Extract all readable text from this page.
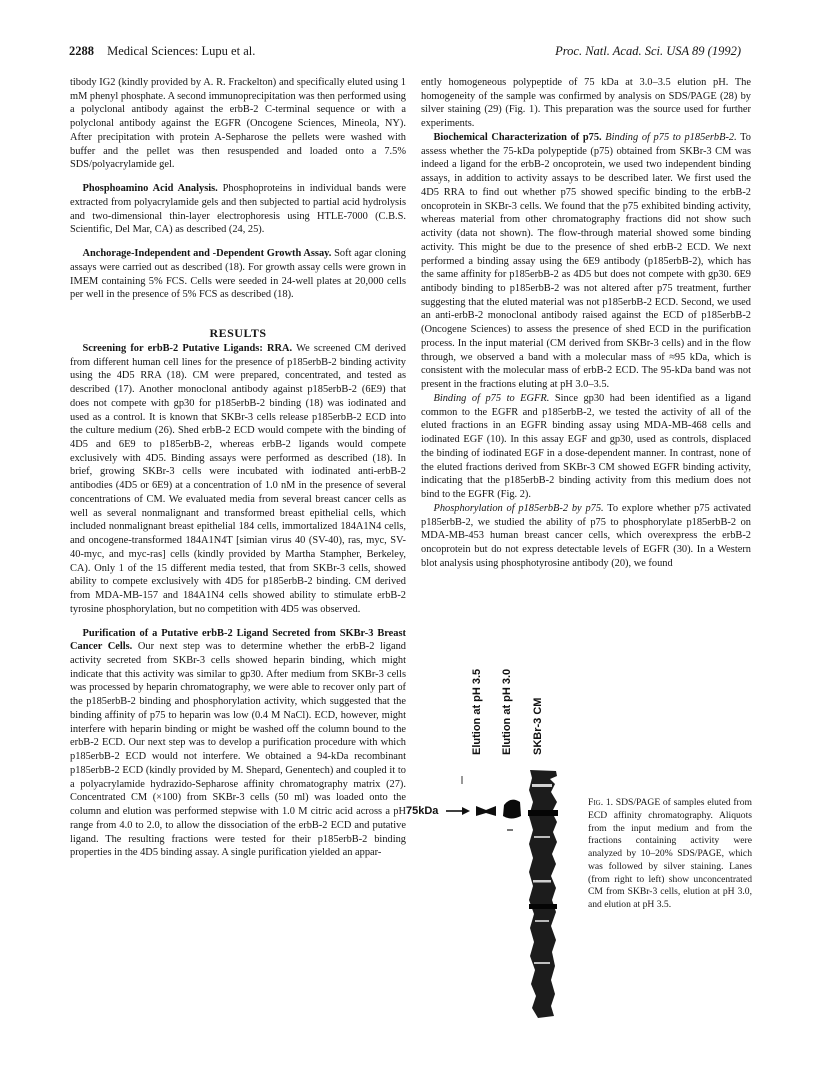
2288 Medical Sciences: Lupu et al.	Proc. Natl. Acad. Sci. USA 89 (1992)

tibody IG2 (kindly provided by A. R. Frackelton) and specifically eluted using 1 mM phenyl phosphate. A second immunoprecipitation was then performed using a polyclonal antibody against the erbB-2 C-terminal sequence or with a polyclonal antibody against the EGFR (Oncogene Sciences, Mineola, NY). After precipitation with protein A-Sepharose the pellets were washed with buffer and the pellet was then resuspended and loaded onto a 7.5% SDS/polyacrylamide gel.

Phosphoamino Acid Analysis. Phosphoproteins in individual bands were extracted from polyacrylamide gels and then subjected to partial acid hydrolysis and two-dimensional thin-layer electrophoresis using HTLE-7000 (C.B.S. Scientific, Del Mar, CA) as described (24, 25).

Anchorage-Independent and -Dependent Growth Assay. Soft agar cloning assays were carried out as described (18). For growth assay cells were grown in IMEM containing 5% FCS. Cells were seeded in 24-well plates at 20,000 cells per well in the presence of 5% FCS as described (18).

RESULTS

Screening for erbB-2 Putative Ligands: RRA. We screened CM derived from different human cell lines for the presence of p185erbB-2 binding activity using the 4D5 RRA (18). CM were prepared, concentrated, and tested as described (17). Another monoclonal antibody against p185erbB-2 (6E9) that does not compete with gp30 for p185erbB-2 binding (18) was iodinated and used as a control. It is known that SKBr-3 cells release p185erbB-2 ECD into the culture medium (26). Shed erbB-2 ECD would compete with the binding of 4D5 and 6E9 to p185erbB-2, whereas erbB-2 ligands would compete exclusively with 4D5. Binding assays were performed as described (18). In brief, growing SKBr-3 cells were incubated with iodinated anti-erbB-2 antibodies (4D5 or 6E9) at a concentration of 1.0 nM in the presence of several concentrations of CM. We evaluated media from several breast cancer cells as well as several nonmalignant and transformed breast epithelial cells, which included nonmalignant breast epithelial 184 cells, immortalized 184A1N4 cells, and oncogene-transformed 184A1N4T [simian virus 40 (SV-40), ras, myc, SV-40-myc, and myc-ras] cells (kindly provided by Martha Stampher, Berkeley, CA). Only 1 of the 15 different media tested, that from SKBr-3 cells, showed ability to compete exclusively with 4D5 for p185erbB-2 binding. CM derived from MDA-MB-157 and 184A1N4 cells showed ability to stimulate erbB-2 tyrosine phosphorylation, but no competition with 4D5 was observed.

Purification of a Putative erbB-2 Ligand Secreted from SKBr-3 Breast Cancer Cells. Our next step was to determine whether the erbB-2 ligand activity secreted from SKBr-3 cells showed heparin binding, which might indicate that this activity was similar to gp30. After medium from SKBr-3 cells was processed by heparin chromatography, we were able to recover only part of the p185erbB-2 binding and phosphorylation activity, which suggested that the binding affinity of p75 to heparin was low (0.4 M NaCl). ECD, however, might interfere with heparin binding or might be washed off the column bound to the erbB-2 ECD. Our next step was to develop a purification procedure with which p185erbB-2 ECD would not interfere. We obtained a 94-kDa recombinant p185erbB-2 ECD (kindly provided by M. Shepard, Genentech) and coupled it to a polyacrylamide hydrazido-Sepharose affinity chromatography matrix (27). Concentrated CM (×100) from SKBr-3 cells (50 ml) was loaded onto the column and elution was performed stepwise with 1.0 M citric acid across a pH range from 4.0 to 2.0, to allow the dissociation of the erbB-2 ECD and putative ligand. The resulting fractions were tested for their p185erbB-2 binding properties in the 4D5 binding assay. A single purification yielded an appar-

ently homogeneous polypeptide of 75 kDa at 3.0–3.5 elution pH. The homogeneity of the sample was confirmed by analysis on SDS/PAGE (28) by silver staining (29) (Fig. 1). This preparation was the source used for further experiments.

Biochemical Characterization of p75. Binding of p75 to p185erbB-2. To assess whether the 75-kDa polypeptide (p75) obtained from SKBr-3 CM was indeed a ligand for the erbB-2 oncoprotein, we used two independent binding assays, in addition to activity assays to be described later. We first used the 4D5 RRA to find out whether p75 showed specific binding to the erbB-2 oncoprotein in SKBr-3 cells. We found that the p75 exhibited binding activity, whereas material from other chromatography fractions did not show such activity (data not shown). The flow-through material showed some binding activity. This might be due to the presence of shed erbB-2 ECD. We next performed a binding assay using the 6E9 antibody (p185erbB-2), which has the same affinity for p185erbB-2 as 4D5 but does not compete with gp30. 6E9 antibody binding to p185erbB-2 was not altered after p75 treatment, further suggesting that the eluted material was not p185erbB-2 ECD. Second, we used an anti-erbB-2 monoclonal antibody raised against the ECD of p185erbB-2 (Oncogene Sciences) to assess the presence of shed ECD in the purification process. In the input material (CM derived from SKBr-3 cells) and in the flow through, we observed a band with a molecular mass of ≈95 kDa, which is consistent with the molecular mass of erbB-2 ECD. The 95-kDa band was not present in the fractions eluting at pH 3.0–3.5.

Binding of p75 to EGFR. Since gp30 had been identified as a ligand common to the EGFR and p185erbB-2, we tested the activity of all of the eluted fractions in an EGFR binding assay using MDA-MB-468 cells and iodinated EGF (10). In this assay EGF and gp30, used as controls, displaced the binding of iodinated EGF in a dose-dependent manner. In contrast, none of the eluted fractions derived from SKBr-3 CM showed EGFR binding activity, indicating that the p185erbB-2 binding activity from this medium does not bind to the EGFR (Fig. 2).

Phosphorylation of p185erbB-2 by p75. To explore whether p75 activated p185erbB-2, we studied the ability of p75 to phosphorylate p185erbB-2 on MDA-MB-453 human breast cancer cells, which overexpress the erbB-2 oncoprotein but do not express detectable levels of EGFR (30). In a Western blot analysis using phosphotyrosine antibody (20), we found

Elution at pH 3.5 Elution at pH 3.0 SKBr-3 CM
75kDa
Fig. 1. SDS/PAGE of samples eluted from ECD affinity chromatography. Aliquots from the input medium and from the fractions containing activity were analyzed by 10–20% SDS/PAGE, which was followed by silver staining. Lanes (from right to left) show unconcentrated CM from SKBr-3 cells, elution at pH 3.0, and elution at pH 3.5.
